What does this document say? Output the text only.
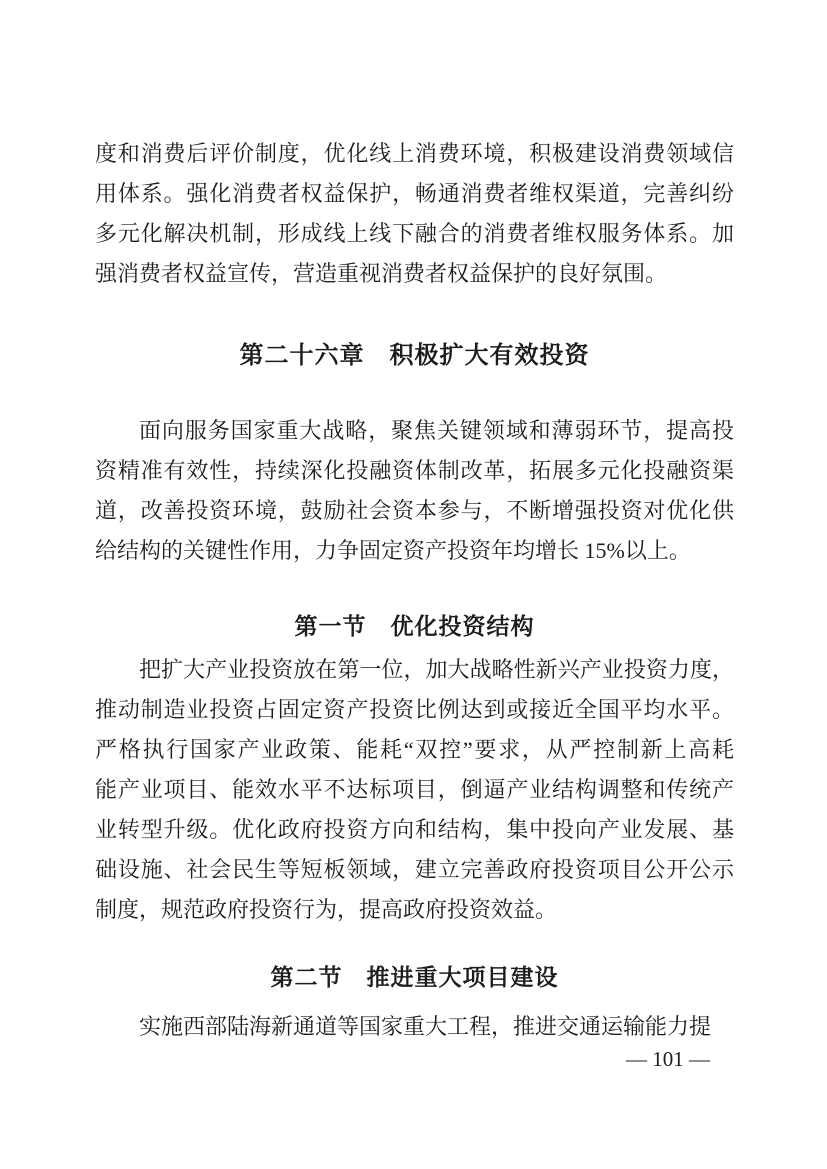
度和消费后评价制度，优化线上消费环境，积极建设消费领域信
用体系。强化消费者权益保护，畅通消费者维权渠道，完善纠纷
多元化解决机制，形成线上线下融合的消费者维权服务体系。加
强消费者权益宣传，营造重视消费者权益保护的良好氛围。
第二十六章　积极扩大有效投资
面向服务国家重大战略，聚焦关键领域和薄弱环节，提高投
资精准有效性，持续深化投融资体制改革，拓展多元化投融资渠
道，改善投资环境，鼓励社会资本参与，不断增强投资对优化供
给结构的关键性作用，力争固定资产投资年均增长 15%以上。
第一节　优化投资结构
把扩大产业投资放在第一位，加大战略性新兴产业投资力度，
推动制造业投资占固定资产投资比例达到或接近全国平均水平。
严格执行国家产业政策、能耗“双控”要求，从严控制新上高耗
能产业项目、能效水平不达标项目，倒逼产业结构调整和传统产
业转型升级。优化政府投资方向和结构，集中投向产业发展、基
础设施、社会民生等短板领域，建立完善政府投资项目公开公示
制度，规范政府投资行为，提高政府投资效益。
第二节　推进重大项目建设
实施西部陆海新通道等国家重大工程，推进交通运输能力提
— 101 —
